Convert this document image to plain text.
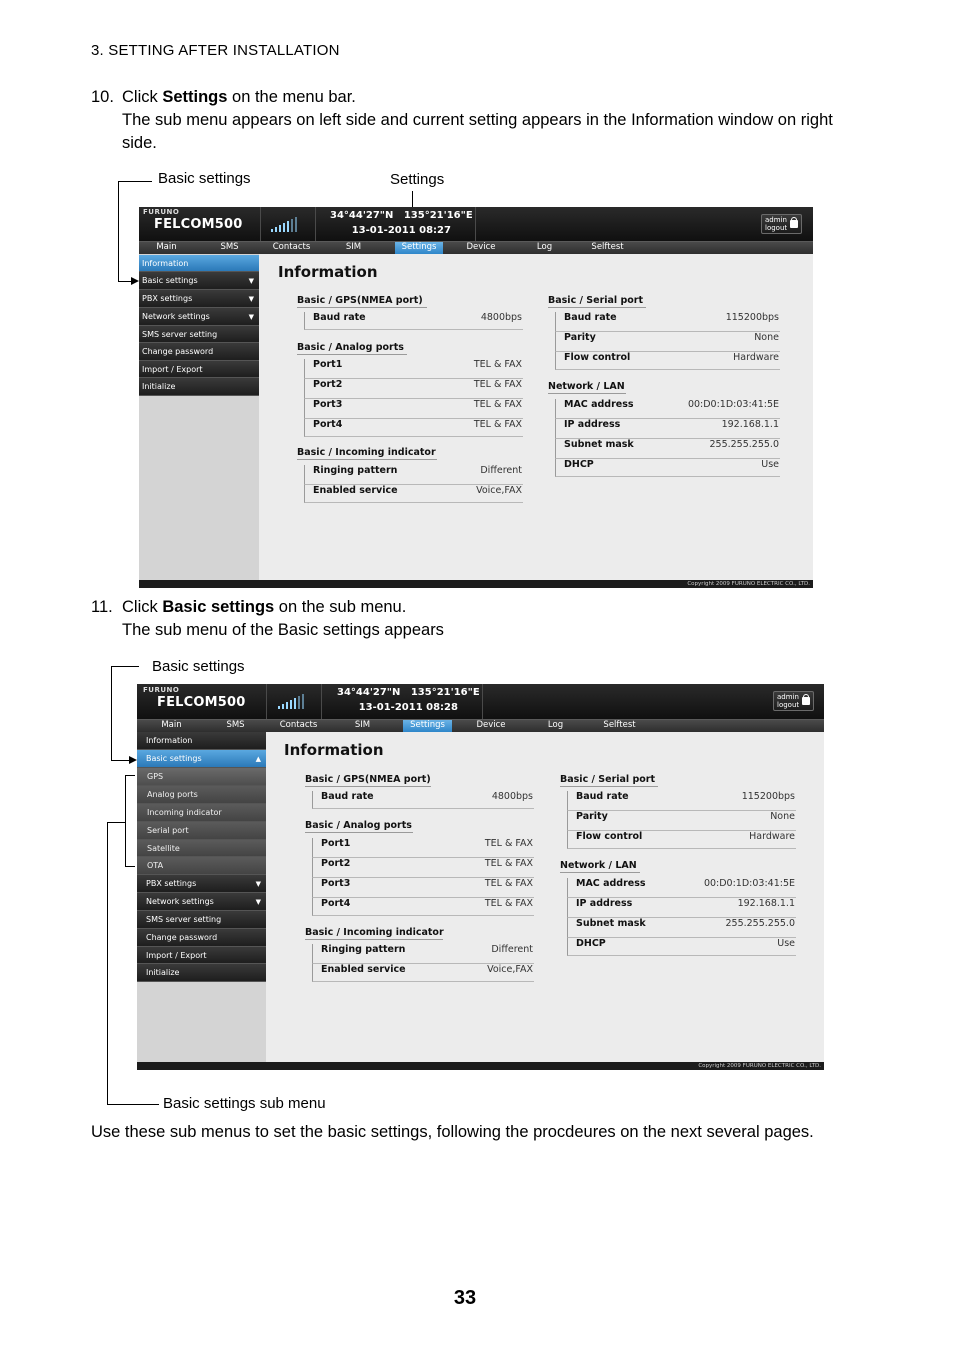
3. SETTING AFTER INSTALLATION
10. Click Settings on the menu bar.
The sub menu appears on left side and current setting appears in the Information window on right side.
Basic settings	Settings
FURUNO
FELCOM500
34°44'27"N 135°21'16"E
13-01-2011 08:27
admin
logout
Main	SMS	Contacts	SIM	Settings	Device	Log	Selftest
Information
Basic settings	▼
PBX settings	▼
Network settings	▼
SMS server setting
Change password
Import / Export
Initialize
Information
Basic / GPS(NMEA port)
Baud rate	4800bps
Basic / Analog ports
Port1	TEL & FAX
Port2	TEL & FAX
Port3	TEL & FAX
Port4	TEL & FAX
Basic / Incoming indicator
Ringing pattern	Different
Enabled service	Voice,FAX
Basic / Serial port
Baud rate	115200bps
Parity	None
Flow control	Hardware
Network / LAN
MAC address	00:D0:1D:03:41:5E
IP address	192.168.1.1
Subnet mask	255.255.255.0
DHCP	Use
Copyright 2009 FURUNO ELECTRIC CO., LTD.
11. Click Basic settings on the sub menu.
The sub menu of the Basic settings appears
Basic settings
Basic settings sub menu
FURUNO
FELCOM500
34°44'27"N 135°21'16"E
13-01-2011 08:28
admin
logout
Main	SMS	Contacts	SIM	Settings	Device	Log	Selftest
Information
Basic settings	▲
GPS
Analog ports
Incoming indicator
Serial port
Satellite
OTA
PBX settings	▼
Network settings	▼
SMS server setting
Change password
Import / Export
Initialize
Information
Basic / GPS(NMEA port)
Baud rate	4800bps
Basic / Analog ports
Port1	TEL & FAX
Port2	TEL & FAX
Port3	TEL & FAX
Port4	TEL & FAX
Basic / Incoming indicator
Ringing pattern	Different
Enabled service	Voice,FAX
Basic / Serial port
Baud rate	115200bps
Parity	None
Flow control	Hardware
Network / LAN
MAC address	00:D0:1D:03:41:5E
IP address	192.168.1.1
Subnet mask	255.255.255.0
DHCP	Use
Copyright 2009 FURUNO ELECTRIC CO., LTD.
Use these sub menus to set the basic settings, following the procdeures on the next several pages.
33
